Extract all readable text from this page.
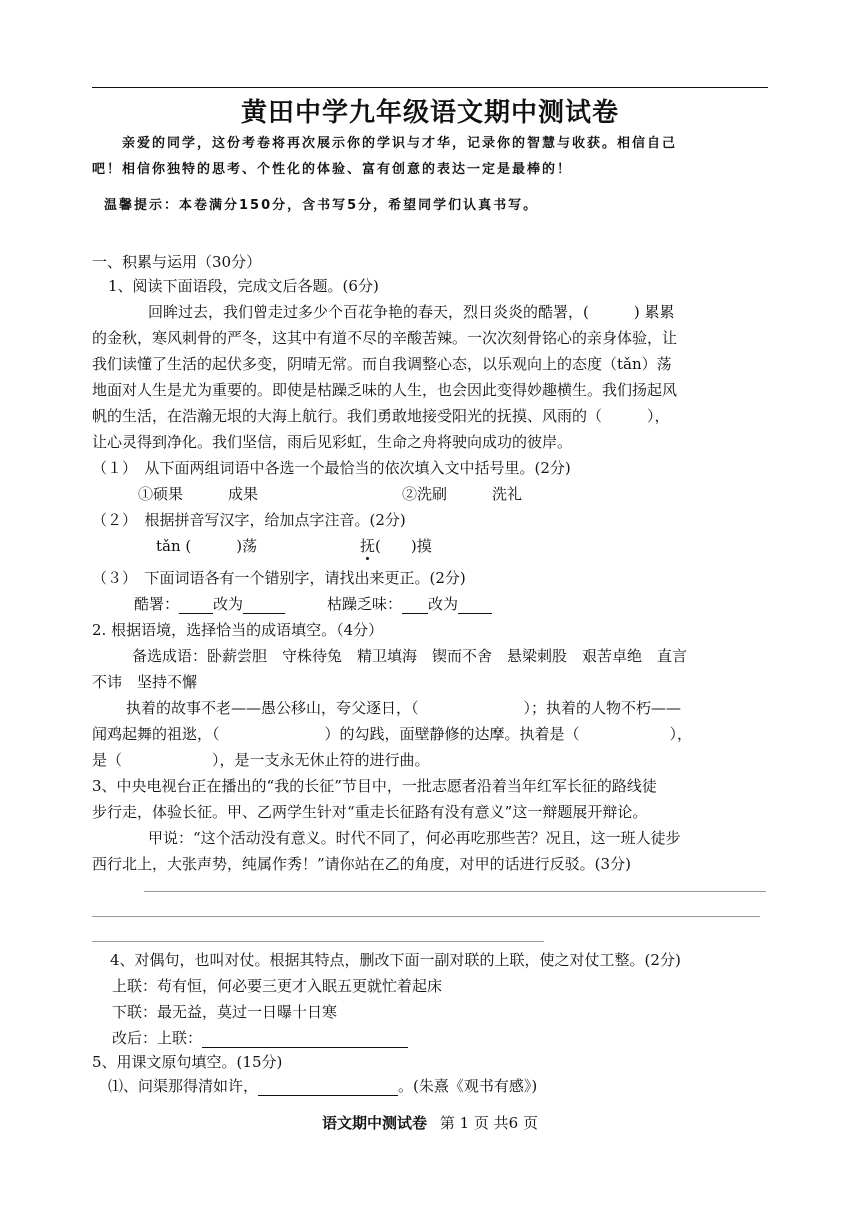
黄田中学九年级语文期中测试卷
亲爱的同学，这份考卷将再次展示你的学识与才华，记录你的智慧与收获。相信自己
吧！相信你独特的思考、个性化的体验、富有创意的表达一定是最棒的！
温馨提示：本卷满分150分，含书写5分，希望同学们认真书写。
一、积累与运用（30分）
1、阅读下面语段，完成文后各题。(6分)
回眸过去，我们曾走过多少个百花争艳的春天，烈日炎炎的酷署，(　　　) 累累
的金秋，寒风刺骨的严冬，这其中有道不尽的辛酸苦辣。一次次刻骨铭心的亲身体验，让
我们读懂了生活的起伏多变，阴晴无常。而自我调整心态，以乐观向上的态度（tǎn）荡
地面对人生是尤为重要的。即使是枯躁乏味的人生，也会因此变得妙趣横生。我们扬起风
帆的生活，在浩瀚无垠的大海上航行。我们勇敢地接受阳光的抚摸、风雨的（　　　），
让心灵得到净化。我们坚信，雨后见彩虹，生命之舟将驶向成功的彼岸。
（１）　从下面两组词语中各选一个最恰当的依次填入文中括号里。(2分)
①硕果　　　成果	②洗刷　　　洗礼
（２）　根据拼音写汉字，给加点字注音。(2分)
tǎn (　　　)荡	抚(　　)摸
（３）　下面词语各有一个错别字，请找出来更正。(2分)
酷署： 改为	枯躁乏味： 改为
2. 根据语境，选择恰当的成语填空。（4分）
备选成语：卧薪尝胆　守株待兔　精卫填海　锲而不舍　悬梁刺股　艰苦卓绝　直言
不讳　坚持不懈
执着的故事不老——愚公移山，夸父逐日，（　　　　　　　）；执着的人物不朽——
闻鸡起舞的祖逖，（　　　　　　　）的勾践，面壁静修的达摩。执着是（　　　　　　），
是（　　　　　　），是一支永无休止符的进行曲。
3、中央电视台正在播出的“我的长征”节目中，一批志愿者沿着当年红军长征的路线徒
步行走，体验长征。甲、乙两学生针对“重走长征路有没有意义”这一辩题展开辩论。
甲说：“这个活动没有意义。时代不同了，何必再吃那些苦？况且，这一班人徒步
西行北上，大张声势，纯属作秀！”请你站在乙的角度，对甲的话进行反驳。(3分)
4、对偶句，也叫对仗。根据其特点，删改下面一副对联的上联，使之对仗工整。(2分)
上联：苟有恒，何必要三更才入眠五更就忙着起床
下联：最无益，莫过一日曝十日寒
改后：上联：
5、用课文原句填空。(15分)
⑴、问渠那得清如许，	。(朱熹《观书有感》)
语文期中测试卷 第 1 页 共6 页
